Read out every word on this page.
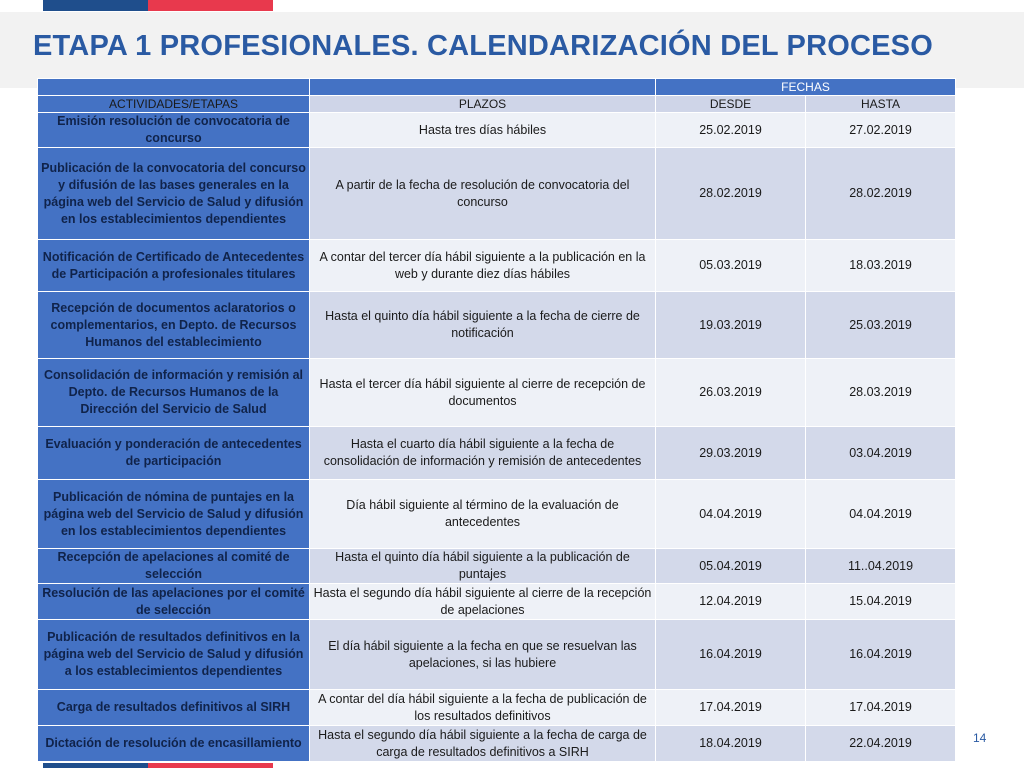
ETAPA 1 PROFESIONALES. CALENDARIZACIÓN DEL PROCESO
		FECHAS	
ACTIVIDADES/ETAPAS	PLAZOS	DESDE	HASTA
Emisión resolución de convocatoria de concurso	Hasta tres días hábiles	25.02.2019	27.02.2019
Publicación de la convocatoria del concurso y difusión de las bases generales en la página web del Servicio de Salud y difusión en los establecimientos dependientes	A partir de la fecha de resolución de convocatoria del concurso	28.02.2019	28.02.2019
Notificación de Certificado de Antecedentes de Participación a profesionales titulares	A contar del tercer día hábil siguiente a la publicación en la web y durante diez días hábiles	05.03.2019	18.03.2019
Recepción de documentos aclaratorios o complementarios, en Depto. de Recursos Humanos del establecimiento	Hasta el quinto día hábil siguiente a la fecha de cierre de notificación	19.03.2019	25.03.2019
Consolidación de información y remisión al Depto. de Recursos Humanos de la Dirección del Servicio de Salud	Hasta el tercer día hábil siguiente al cierre de recepción de documentos	26.03.2019	28.03.2019
Evaluación y ponderación de antecedentes de participación	Hasta el cuarto día hábil siguiente a la fecha de consolidación de información y remisión de antecedentes	29.03.2019	03.04.2019
Publicación de nómina de puntajes en la página web del Servicio de Salud y difusión en los establecimientos dependientes	Día hábil siguiente al término de la evaluación de antecedentes	04.04.2019	04.04.2019
Recepción de apelaciones al comité de selección	Hasta el quinto día hábil siguiente a la publicación de puntajes	05.04.2019	11..04.2019
Resolución de las apelaciones por el comité de selección	Hasta el segundo día hábil siguiente al cierre de la recepción de apelaciones	12.04.2019	15.04.2019
Publicación de resultados definitivos en la página web del Servicio de Salud y difusión a los establecimientos dependientes	El día hábil siguiente a la fecha en que se resuelvan las apelaciones, si las hubiere	16.04.2019	16.04.2019
Carga de resultados definitivos al SIRH	A contar del día hábil siguiente a la fecha de publicación de los resultados definitivos	17.04.2019	17.04.2019
Dictación de resolución de encasillamiento	Hasta el segundo día hábil siguiente a la fecha de carga de carga de resultados definitivos a SIRH	18.04.2019	22.04.2019	14
